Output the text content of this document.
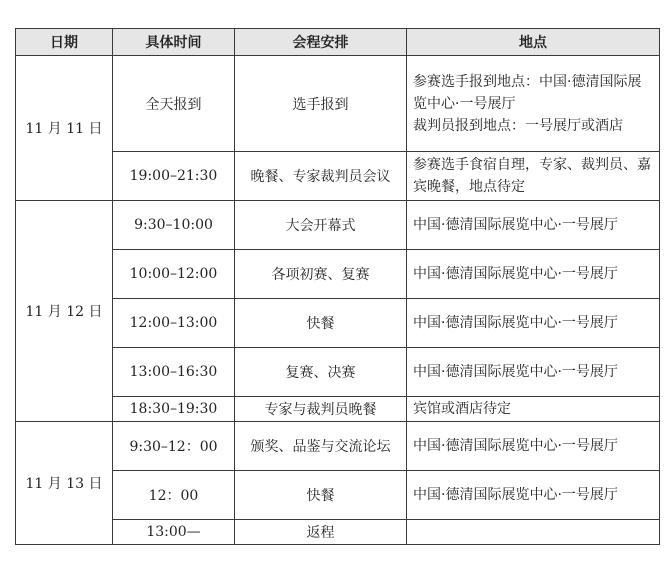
日期	具体时间	会程安排	地点
11 月 11 日	全天报到	选手报到	参赛选手报到地点：中国·德清国际展览中心·一号展厅
裁判员报到地点：一号展厅或酒店

	19:00–21:30	晚餐、专家裁判员会议	参赛选手食宿自理，专家、裁判员、嘉宾晚餐，地点待定
11 月 12 日	9:30–10:00	大会开幕式	中国·德清国际展览中心·一号展厅
	10:00–12:00	各项初赛、复赛	中国·德清国际展览中心·一号展厅
	12:00–13:00	快餐	中国·德清国际展览中心·一号展厅
	13:00–16:30	复赛、决赛	中国·德清国际展览中心·一号展厅
	18:30–19:30	专家与裁判员晚餐	宾馆或酒店待定
11 月 13 日	9:30–12：00	颁奖、品鉴与交流论坛	中国·德清国际展览中心·一号展厅
	12：00	快餐	中国·德清国际展览中心·一号展厅
	13:00—	返程	
